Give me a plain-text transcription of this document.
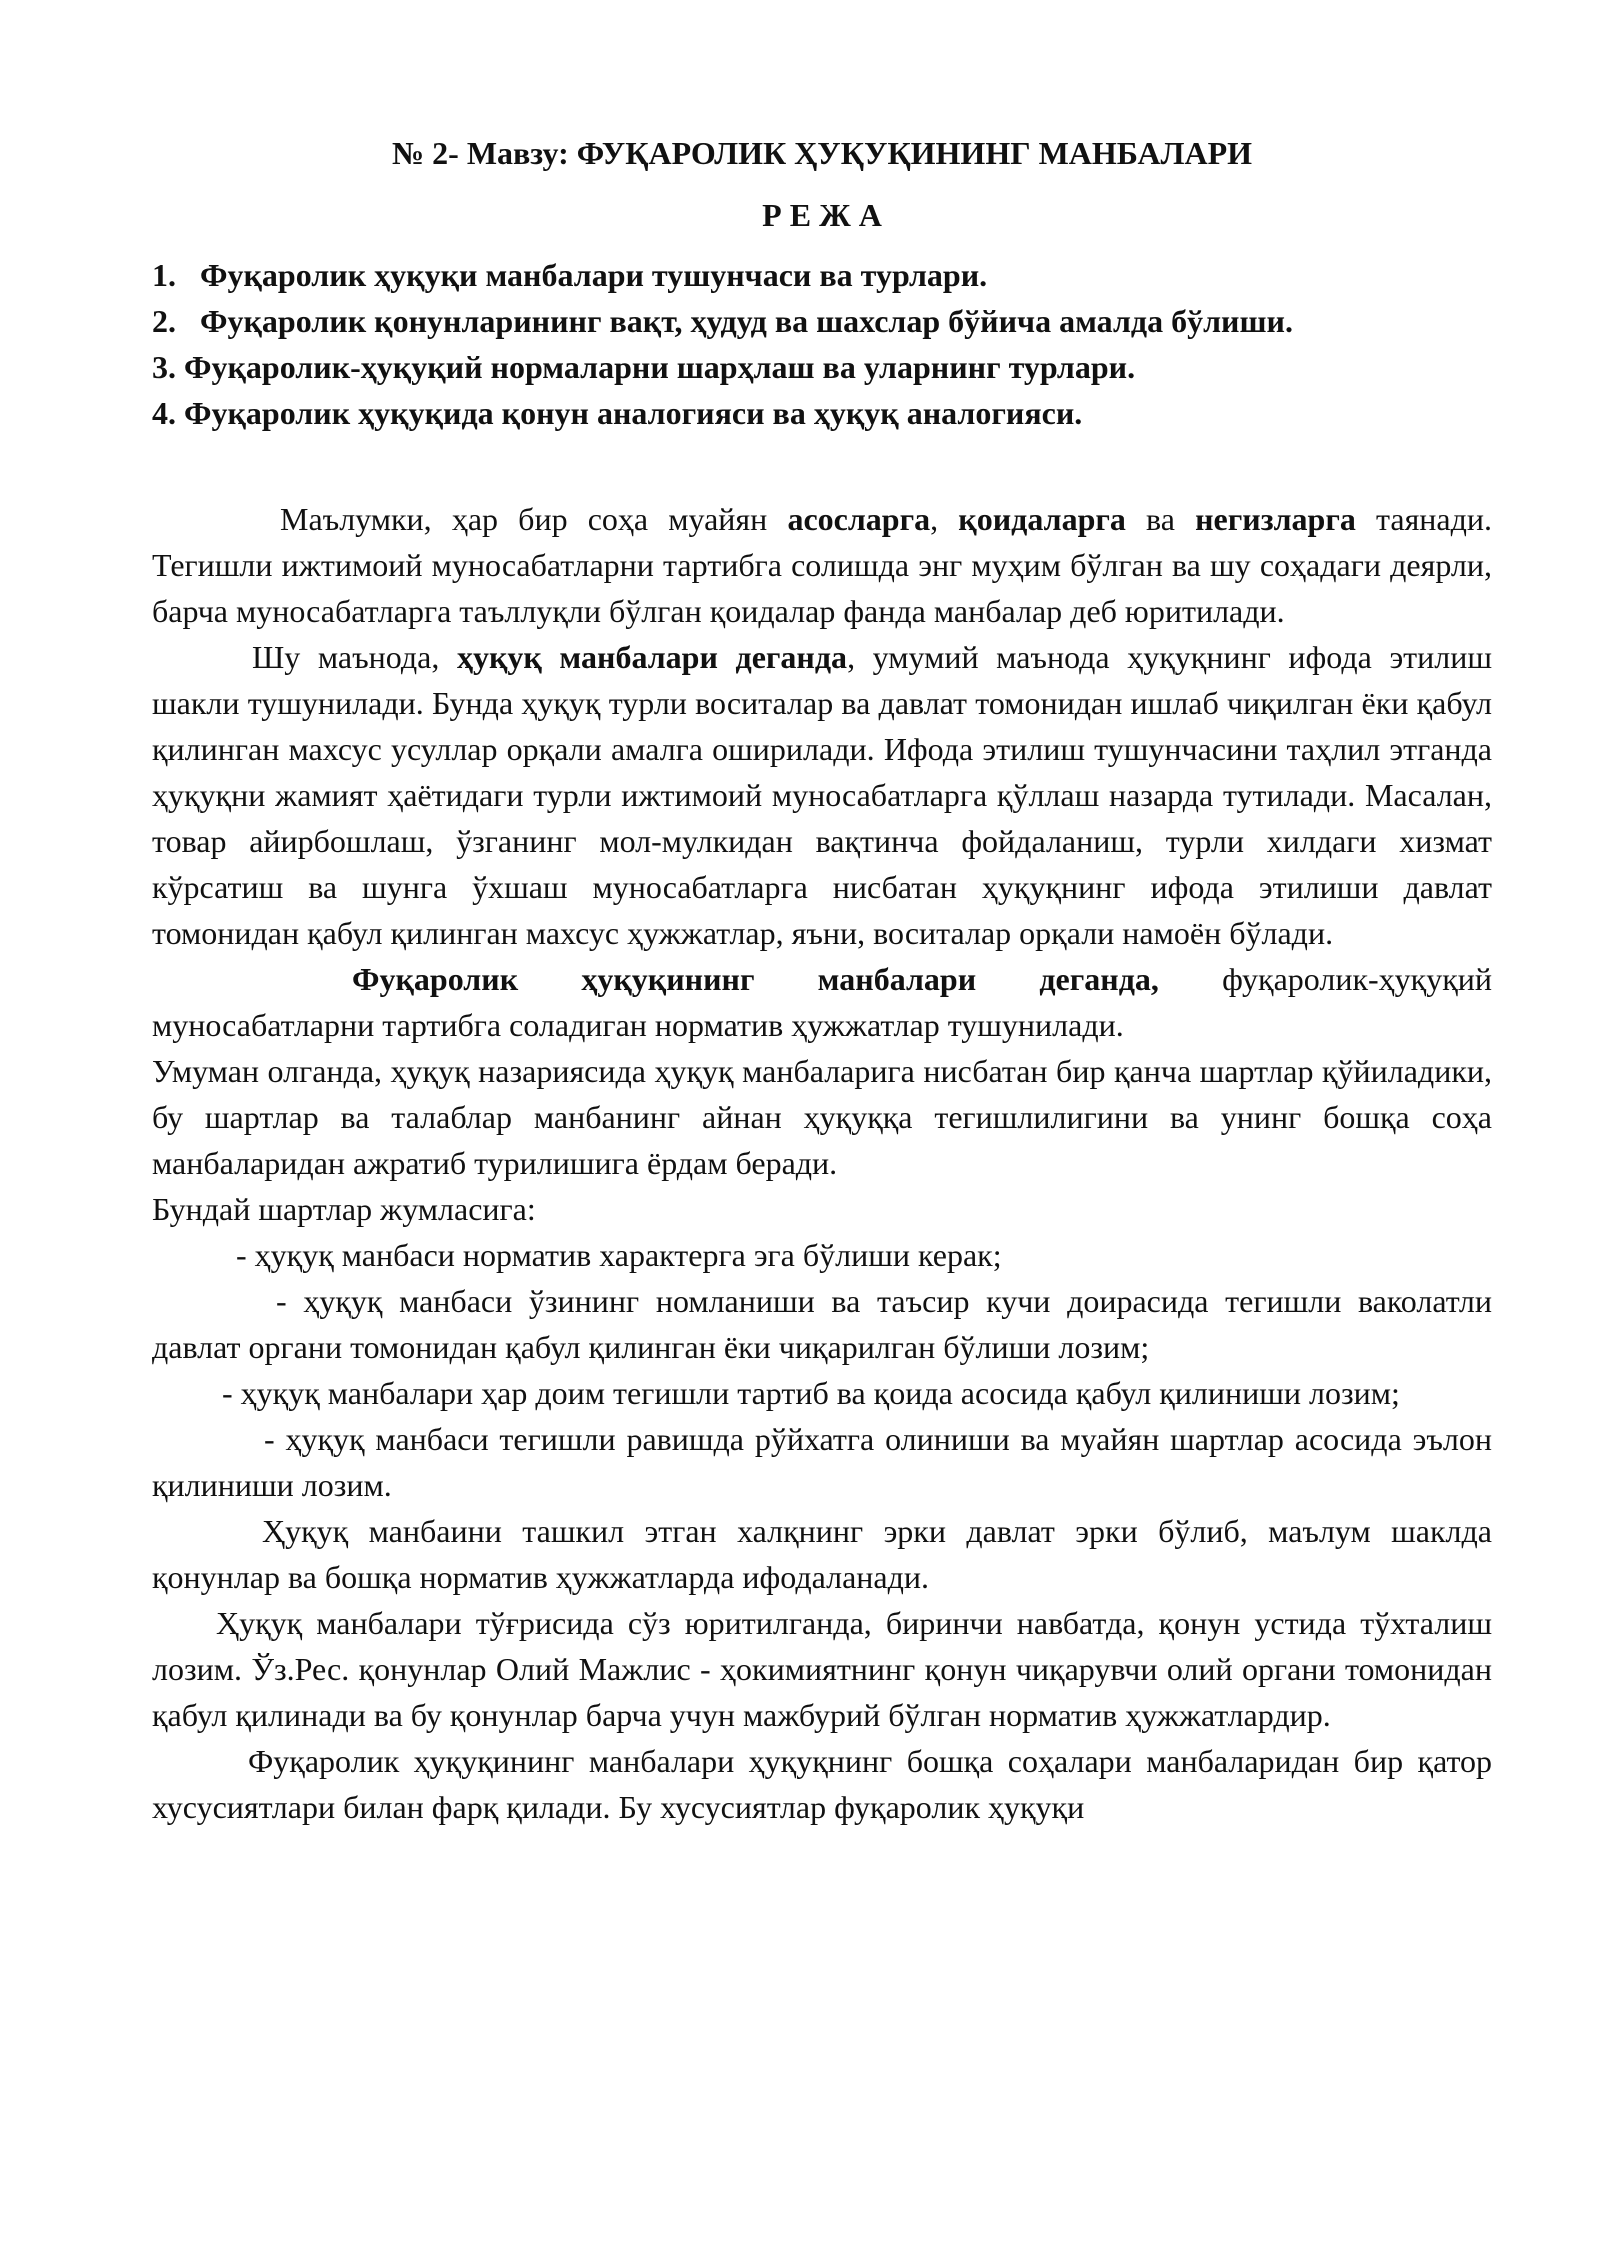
№ 2- Мавзу: ФУҚАРОЛИК ҲУҚУҚИНИНГ МАНБАЛАРИ
Р Е Ж А
1. Фуқаролик ҳуқуқи манбалари тушунчаси ва турлари.
2. Фуқаролик қонунларининг вақт, ҳудуд ва шахслар бўйича амалда бўлиши.
3. Фуқаролик-ҳуқуқий нормаларни шарҳлаш ва уларнинг турлари.
4. Фуқаролик ҳуқуқида қонун аналогияси ва ҳуқуқ аналогияси.

Маълумки, ҳар бир соҳа муайян асосларга, қоидаларга ва негизларга таянади. Тегишли ижтимоий муносабатларни тартибга солишда энг муҳим бўлган ва шу соҳадаги деярли, барча муносабатларга таъллуқли бўлган қоидалар фанда манбалар деб юритилади.

Шу маънода, ҳуқуқ манбалари деганда, умумий маънода ҳуқуқнинг ифода этилиш шакли тушунилади. Бунда ҳуқуқ турли воситалар ва давлат томонидан ишлаб чиқилган ёки қабул қилинган махсус усуллар орқали амалга оширилади. Ифода этилиш тушунчасини таҳлил этганда ҳуқуқни жамият ҳаётидаги турли ижтимоий муносабатларга қўллаш назарда тутилади. Масалан, товар айирбошлаш, ўзганинг мол-мулкидан вақтинча фойдаланиш, турли хилдаги хизмат кўрсатиш ва шунга ўхшаш муносабатларга нисбатан ҳуқуқнинг ифода этилиши давлат томонидан қабул қилинган махсус ҳужжатлар, яъни, воситалар орқали намоён бўлади.

Фуқаролик ҳуқуқининг манбалари деганда, фуқаролик-ҳуқуқий муносабатларни тартибга соладиган норматив ҳужжатлар тушунилади.

Умуман олганда, ҳуқуқ назариясида ҳуқуқ манбаларига нисбатан бир қанча шартлар қўйиладики, бу шартлар ва талаблар манбанинг айнан ҳуқуққа тегишлилигини ва унинг бошқа соҳа манбаларидан ажратиб турилишига ёрдам беради.

Бундай шартлар жумласига:

- ҳуқуқ манбаси норматив характерга эга бўлиши керак;

- ҳуқуқ манбаси ўзининг номланиши ва таъсир кучи доирасида тегишли ваколатли давлат органи томонидан қабул қилинган ёки чиқарилган бўлиши лозим;

- ҳуқуқ манбалари ҳар доим тегишли тартиб ва қоида асосида қабул қилиниши лозим;

- ҳуқуқ манбаси тегишли равишда рўйхатга олиниши ва муайян шартлар асосида эълон қилиниши лозим.

Ҳуқуқ манбаини ташкил этган халқнинг эрки давлат эрки бўлиб, маълум шаклда қонунлар ва бошқа норматив ҳужжатларда ифодаланади.

Ҳуқуқ манбалари тўғрисида сўз юритилганда, биринчи навбатда, қонун устида тўхталиш лозим. Ўз.Рес. қонунлар Олий Мажлис - ҳокимиятнинг қонун чиқарувчи олий органи томонидан қабул қилинади ва бу қонунлар барча учун мажбурий бўлган норматив ҳужжатлардир.

Фуқаролик ҳуқуқининг манбалари ҳуқуқнинг бошқа соҳалари манбаларидан бир қатор хусусиятлари билан фарқ қилади. Бу хусусиятлар фуқаролик ҳуқуқи
